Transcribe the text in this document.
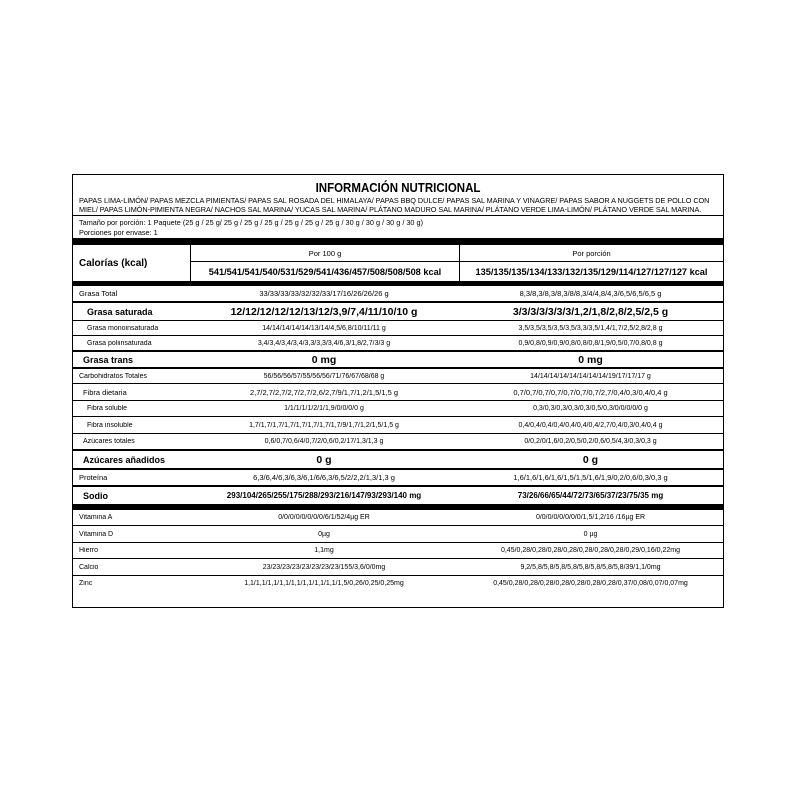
INFORMACIÓN NUTRICIONAL
PAPAS LIMA-LIMÓN/ PAPAS MEZCLA PIMIENTAS/ PAPAS SAL ROSADA DEL HIMALAYA/ PAPAS BBQ DULCE/ PAPAS SAL MARINA Y VINAGRE/ PAPAS SABOR A NUGGETS DE POLLO CON MIEL/ PAPAS LIMÓN-PIMIENTA NEGRA/ NACHOS SAL MARINA/ YUCAS SAL MARINA/ PLÁTANO MADURO SAL MARINA/ PLÁTANO VERDE LIMA-LIMÓN/ PLÁTANO VERDE SAL MARINA.
Tamaño por porción: 1 Paquete (25 g / 25 g/ 25 g / 25 g / 25 g / 25 g / 25 g / 25 g / 30 g / 30 g / 30 g / 30 g)
Porciones por envase: 1
Calorías (kcal)
Por 100 g
541/541/541/540/531/529/541/436/457/508/508/508 kcal
Por porción
135/135/135/134/133/132/135/129/114/127/127/127 kcal
Grasa Total	33/33/33/33/32/32/33/17/16/26/26/26 g	8,3/8,3/8,3/8,3/8/8,3/4/4,8/4,3/6,5/6,5/6,5 g
Grasa saturada	12/12/12/12/12/13/12/3,9/7,4/11/10/10 g	3/3/3/3/3/3/3/1,2/1,8/2,8/2,5/2,5 g
Grasa monoinsaturada	14/14/14/14/14/13/14/4,5/6,8/10/11/11 g	3,5/3,5/3,5/3,5/3,5/3,3/3,5/1,4/1,7/2,5/2,8/2,8 g
Grasa poliinsaturada	3,4/3,4/3,4/3,4/3,3/3,3/3,4/6,3/1,8/2,7/3/3 g	0,9/0,8/0,9/0,9/0,8/0,8/0,8/1,9/0,5/0,7/0,8/0,8 g
Grasa trans	0 mg	0 mg
Carbohidratos Totales	56/56/56/57/55/56/56/71/76/67/68/68 g	14/14/14/14/14/14/14/14/19/17/17/17 g
Fibra dietaria	2,7/2,7/2,7/2,7/2,7/2,6/2,7/9/1,7/1,2/1,5/1,5 g	0,7/0,7/0,7/0,7/0,7/0,7/0,7/2,7/0,4/0,3/0,4/0,4 g
Fibra soluble	1/1/1/1/1/2/1/1,9/0/0/0/0 g	0,3/0,3/0,3/0,3/0,3/0,5/0,3/0/0/0/0/0 g
Fibra insoluble	1,7/1,7/1,7/1,7/1,7/1,7/1,7/1,7/9/1,7/1,2/1,5/1,5 g	0,4/0,4/0,4/0,4/0,4/0,4/0,4/2,7/0,4/0,3/0,4/0,4 g
Azúcares totales	0,6/0,7/0,6/4/0,7/2/0,6/0,2/17/1,3/1,3 g	0/0,2/0/1,6/0,2/0,5/0,2/0,6/0,5/4,3/0,3/0,3 g
Azúcares añadidos	0 g	0 g
Proteína	6,3/6,4/6,3/6,3/6,1/6/6,3/6,5/2/2,2/1,3/1,3 g	1,6/1,6/1,6/1,6/1,5/1,5/1,6/1,9/0,2/0,6/0,3/0,3 g
Sodio	293/104/265/255/175/288/293/216/147/93/293/140 mg	73/26/66/65/44/72/73/65/37/23/75/35 mg
Vitamina A	0/0/0/0/0/0/0/0/6/1/52/4µg ER	0/0/0/0/0/0/0/0/1,5/1,2/16 /16µg ER
Vitamina D	0µg	0 µg
Hierro	1,1mg	0,45/0,28/0,28/0,28/0,28/0,28/0,28/0,28/0,29/0,16/0,22mg
Calcio	23/23/23/23/23/23/23/23/155/3,6/0/0mg	9,2/5,8/5,8/5,8/5,8/5,8/5,8/5,8/5,8/39/1,1/0mg
Zinc	1,1/1,1/1,1/1,1/1,1/1,1/1,1/1,1/1,5/0,26/0,25/0,25mg	0,45/0,28/0,28/0,28/0,28/0,28/0,28/0,28/0,37/0,08/0,07/0,07mg
